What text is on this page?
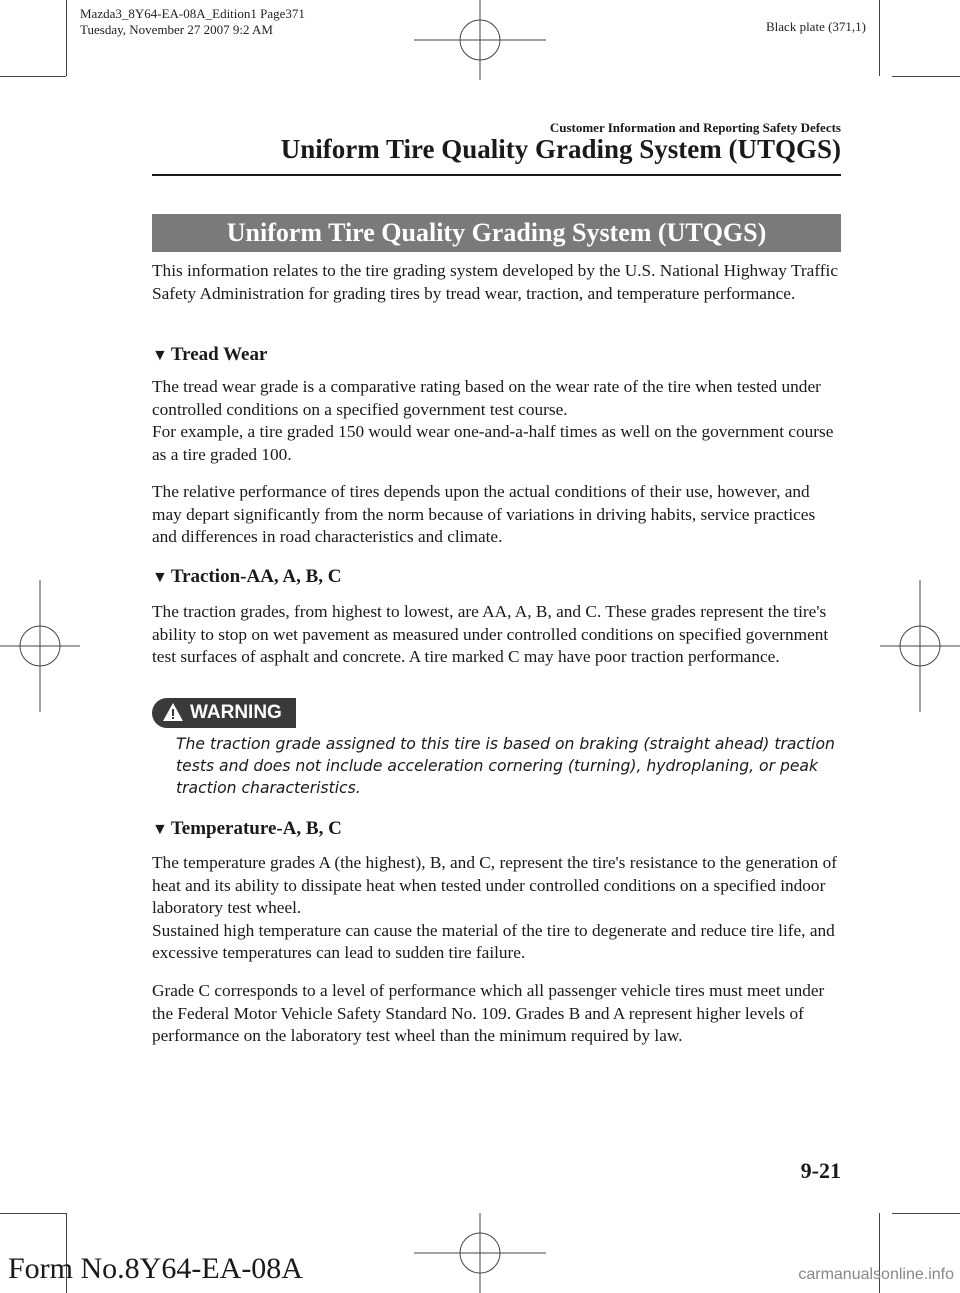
Mazda3_8Y64-EA-08A_Edition1 Page371
Tuesday, November 27 2007 9:2 AM	Black plate (371,1)
Customer Information and Reporting Safety Defects
Uniform Tire Quality Grading System (UTQGS)
Uniform Tire Quality Grading System (UTQGS)

This information relates to the tire grading system developed by the U.S. National Highway Traffic Safety Administration for grading tires by tread wear, traction, and temperature performance.

▼ Tread Wear

The tread wear grade is a comparative rating based on the wear rate of the tire when tested under controlled conditions on a specified government test course.

For example, a tire graded 150 would wear one-and-a-half times as well on the government course as a tire graded 100.

The relative performance of tires depends upon the actual conditions of their use, however, and may depart significantly from the norm because of variations in driving habits, service practices and differences in road characteristics and climate.

▼ Traction-AA, A, B, C

The traction grades, from highest to lowest, are AA, A, B, and C. These grades represent the tire's ability to stop on wet pavement as measured under controlled conditions on specified government test surfaces of asphalt and concrete. A tire marked C may have poor traction performance.

WARNING
The traction grade assigned to this tire is based on braking (straight ahead) traction tests and does not include acceleration cornering (turning), hydroplaning, or peak traction characteristics.
▼ Temperature-A, B, C

The temperature grades A (the highest), B, and C, represent the tire's resistance to the generation of heat and its ability to dissipate heat when tested under controlled conditions on a specified indoor laboratory test wheel.

Sustained high temperature can cause the material of the tire to degenerate and reduce tire life, and excessive temperatures can lead to sudden tire failure.

Grade C corresponds to a level of performance which all passenger vehicle tires must meet under the Federal Motor Vehicle Safety Standard No. 109. Grades B and A represent higher levels of performance on the laboratory test wheel than the minimum required by law.

9-21
Form No.8Y64-EA-08A	carmanualsonline.info
